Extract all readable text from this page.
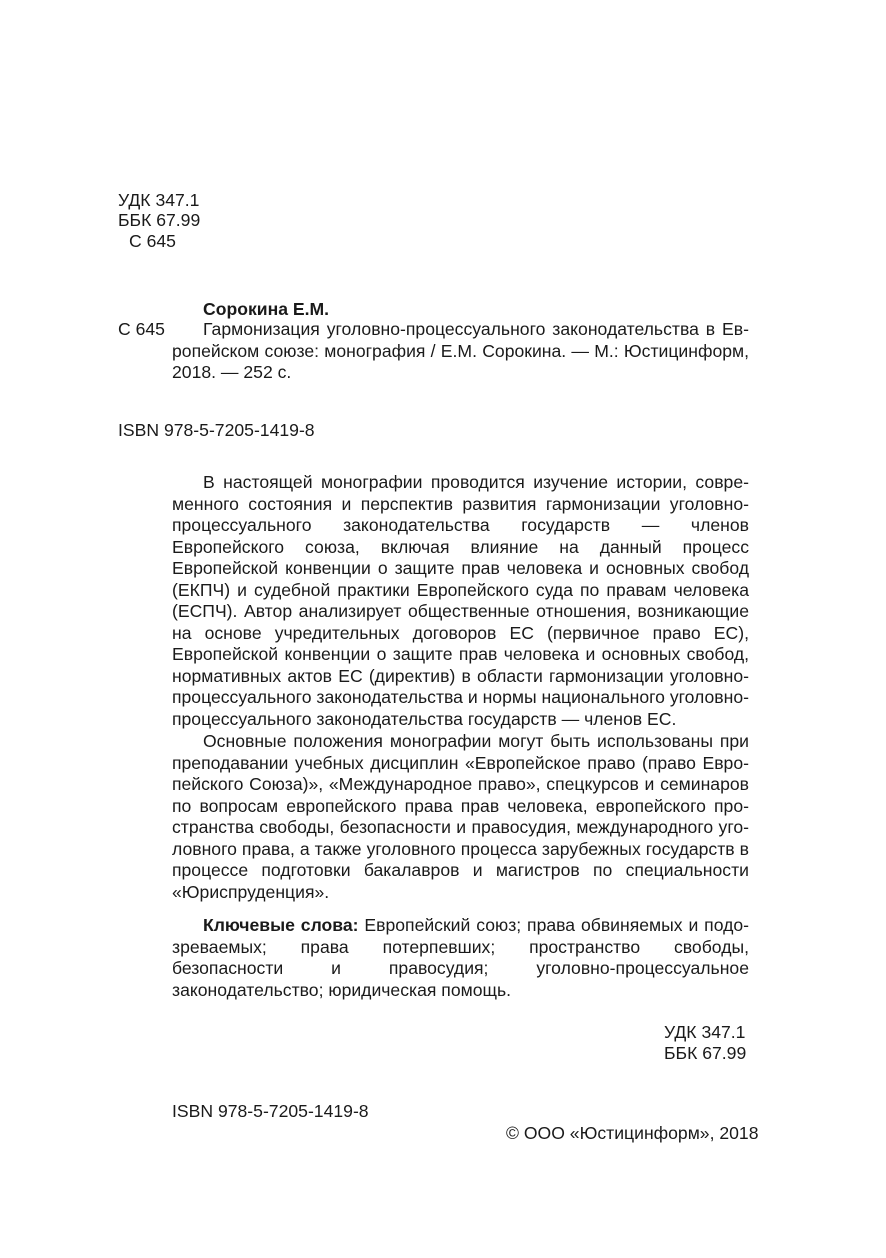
УДК 347.1
ББК 67.99
С 645
Сорокина Е.М.
С 645 Гармонизация уголовно-процессуального законодательства в Ев-
ропейском союзе: монография / Е.М. Сорокина. — М.: Юстицинформ,
2018. — 252 с.
ISBN 978-5-7205-1419-8
В настоящей монографии проводится изучение истории, современного состояния и перспектив развития гармонизации уголовно-процессуального законодательства государств — членов Европейского союза, включая влияние на данный процесс Европейской конвенции о защите прав человека и основных свобод (ЕКПЧ) и судебной практики Европейского суда по правам человека (ЕСПЧ). Автор анализирует общественные отношения, возникающие на основе учредительных договоров ЕС (первичное право ЕС), Европейской конвенции о защите прав человека и основных свобод, нормативных актов ЕС (директив) в области гармонизации уголовно-процессуального законодательства и нормы национального уголовно-процессуального законодательства государств — членов ЕС.
Основные положения монографии могут быть использованы при преподавании учебных дисциплин «Европейское право (право Европейского Союза)», «Международное право», спецкурсов и семинаров по вопросам европейского права прав человека, европейского пространства свободы, безопасности и правосудия, международного уголовного права, а также уголовного процесса зарубежных государств в процессе подготовки бакалавров и магистров по специальности «Юриспруденция».
Ключевые слова: Европейский союз; права обвиняемых и подозреваемых; права потерпевших; пространство свободы, безопасности и правосудия; уголовно-процессуальное законодательство; юридическая помощь.
УДК 347.1
ББК 67.99
ISBN 978-5-7205-1419-8
© ООО «Юстицинформ», 2018
